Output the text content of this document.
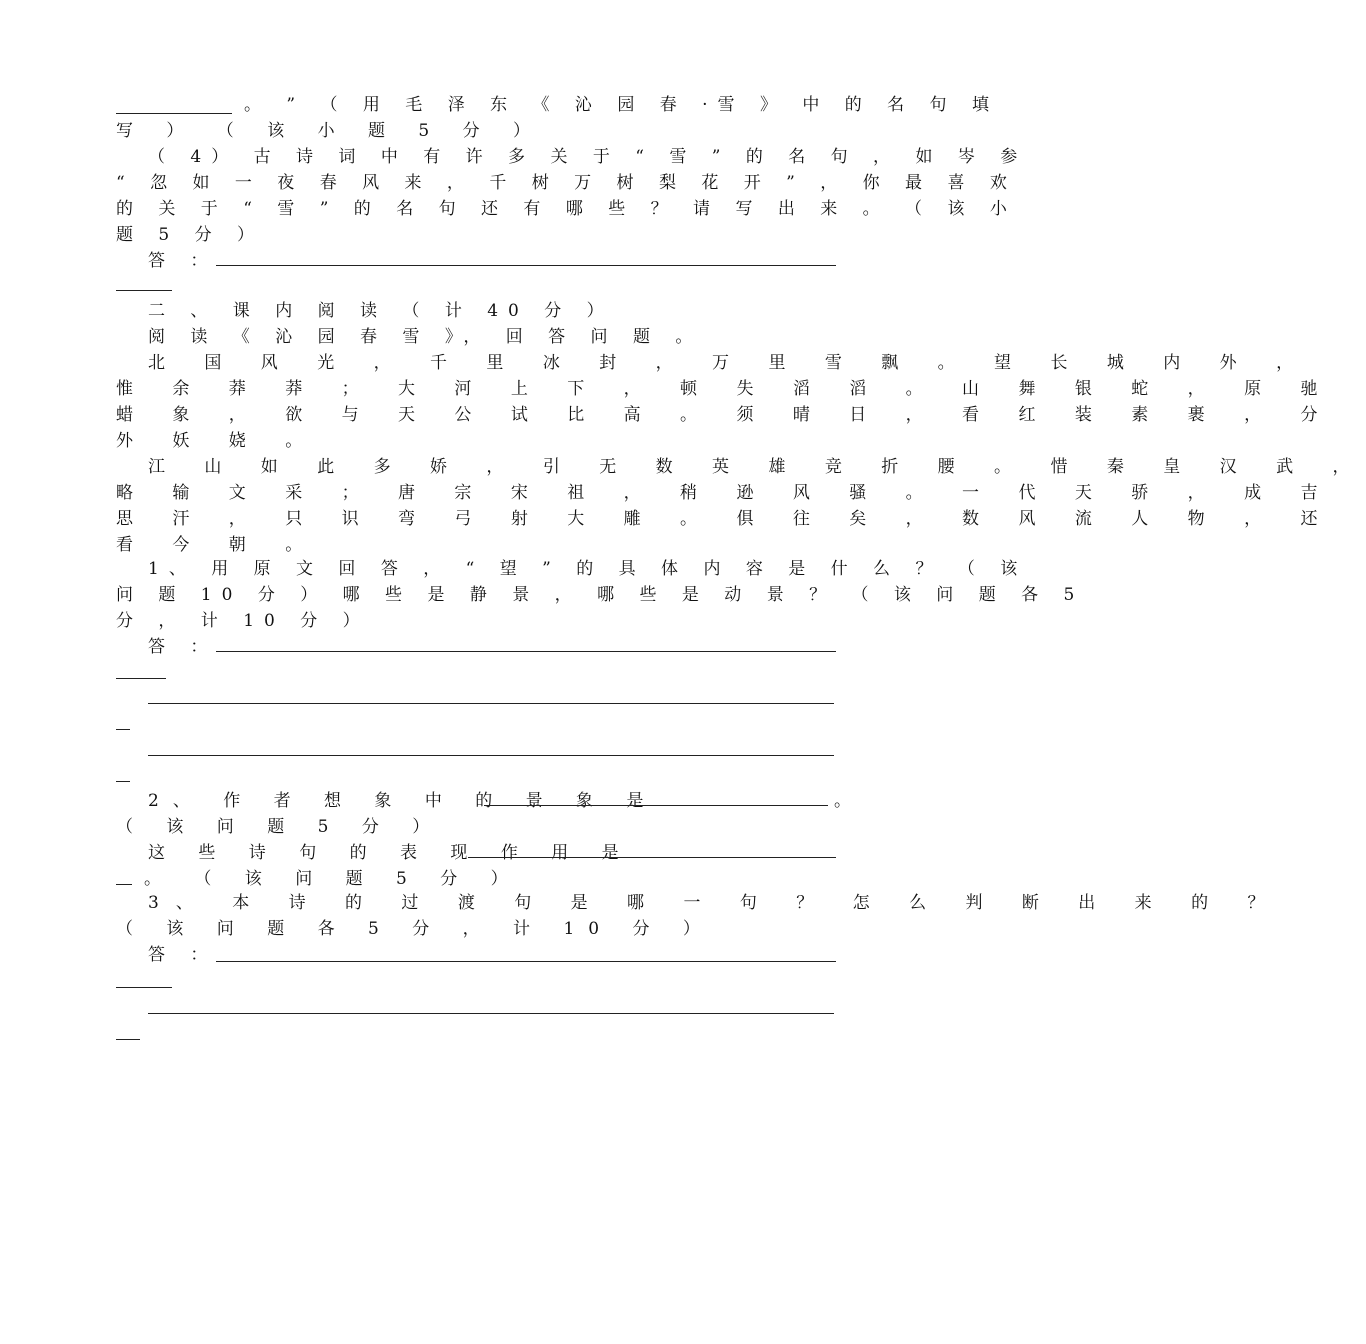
。 ” （ 用 毛 泽 东 《 沁 园 春 ·雪 》 中 的 名 句 填
写 ） （ 该 小 题 5 分 ）
（ 4） 古 诗 词 中 有 许 多 关 于 “ 雪 ” 的 名 句 ， 如 岑 参
“ 忽 如 一 夜 春 风 来 ， 千 树 万 树 梨 花 开 ” ， 你 最 喜 欢
的 关 于 “ 雪 ” 的 名 句 还 有 哪 些 ？ 请 写 出 来 。 （ 该 小
题 5 分 ）
答 ：
二 、 课 内 阅 读 （ 计 40 分 ）
阅 读 《 沁 园 春 雪 》， 回 答 问 题 。
北 国 风 光 ， 千 里 冰 封 ， 万 里 雪 飘 。 望 长 城 内 外 ，
惟 余 莽 莽 ； 大 河 上 下 ， 顿 失 滔 滔 。 山 舞 银 蛇 ， 原 驰
蜡 象 ， 欲 与 天 公 试 比 高 。 须 晴 日 ， 看 红 装 素 裹 ， 分
外 妖 娆 。
江 山 如 此 多 娇 ， 引 无 数 英 雄 竞 折 腰 。 惜 秦 皇 汉 武 ，
略 输 文 采 ； 唐 宗 宋 祖 ， 稍 逊 风 骚 。 一 代 天 骄 ， 成 吉
思 汗 ， 只 识 弯 弓 射 大 雕 。 俱 往 矣 ， 数 风 流 人 物 ， 还
看 今 朝 。
1、 用 原 文 回 答 ， “ 望 ” 的 具 体 内 容 是 什 么 ？ （ 该
问 题 10 分 ） 哪 些 是 静 景 ， 哪 些 是 动 景 ？ （ 该 问 题 各 5
分 ， 计 10 分 ）
答 ：
2、 作 者 想 象 中 的 景 象 是	。
（ 该 问 题 5 分 ）
这 些 诗 句 的 表 现 作 用 是
。 （ 该 问 题 5 分 ）
3、 本 诗 的 过 渡 句 是 哪 一 句 ？ 怎 么 判 断 出 来 的 ？
（ 该 问 题 各 5 分 ， 计 10 分 ）
答 ：
